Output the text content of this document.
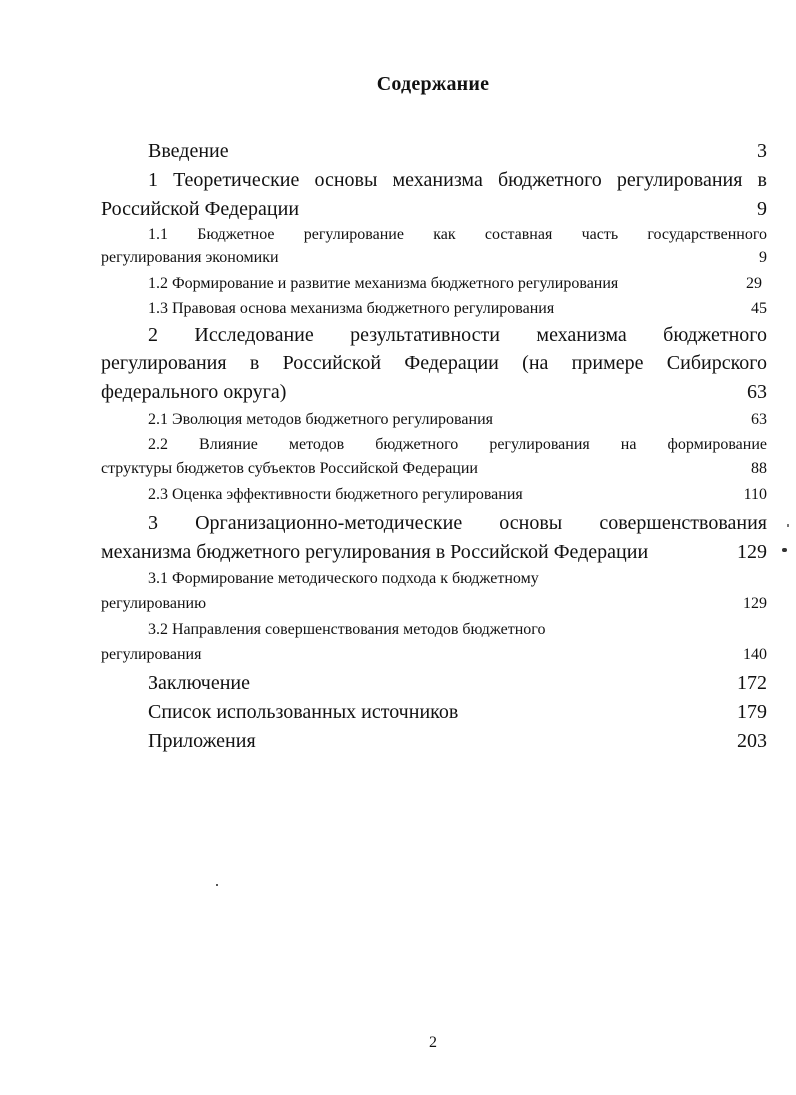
Содержание
Введение	3
1 Теоретические основы механизма бюджетного регулирования в
Российской Федерации	9
1.1 Бюджетное регулирование как составная часть государственного
регулирования экономики	9
1.2 Формирование и развитие механизма бюджетного регулирования	29
1.3 Правовая основа механизма бюджетного регулирования	45
2 Исследование результативности механизма бюджетного
регулирования в Российской Федерации (на примере Сибирского
федерального округа)	63
2.1 Эволюция методов бюджетного регулирования	63
2.2 Влияние методов бюджетного регулирования на формирование
структуры бюджетов субъектов Российской Федерации	88
2.3 Оценка эффективности бюджетного регулирования	110
3 Организационно-методические основы совершенствования
механизма бюджетного регулирования в Российской Федерации	129
3.1 Формирование методического подхода к бюджетному
регулированию	129
3.2 Направления совершенствования методов бюджетного
регулирования	140
Заключение	172
Список использованных источников	179
Приложения	203
2
